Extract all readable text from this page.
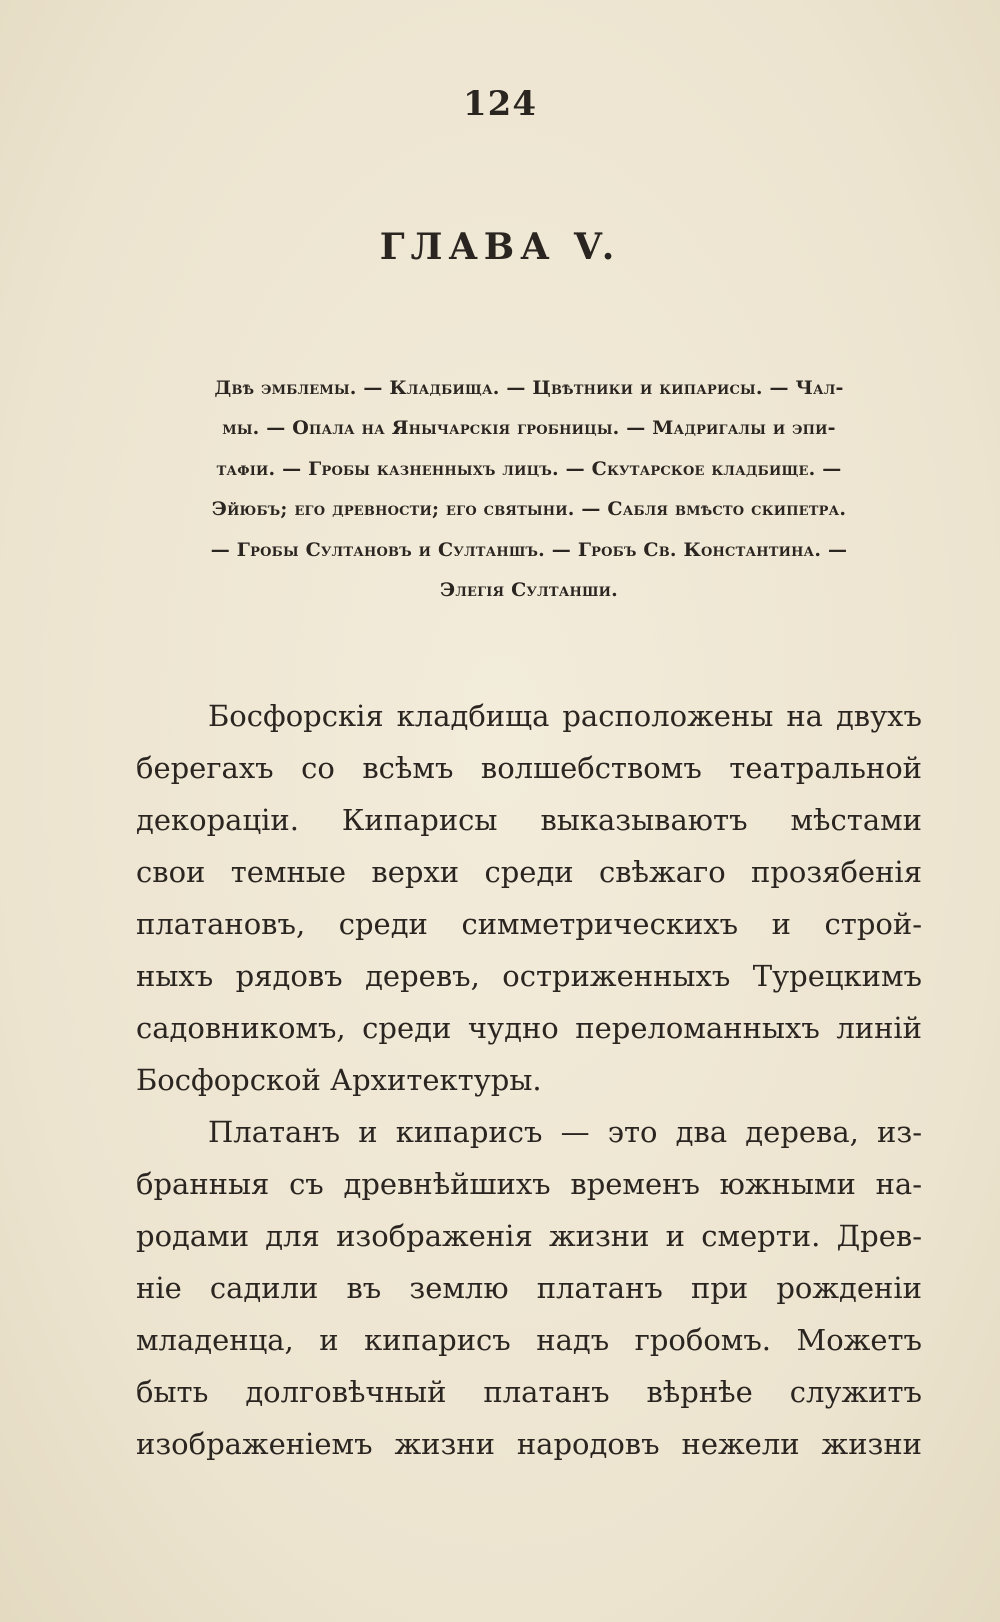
124
ГЛАВА V.
Двѣ эмблемы. — Кладбища. — Цвѣтники и кипарисы. — Чал-
мы. — Опала на Янычарскія гробницы. — Мадригалы и эпи-
тафіи. — Гробы казненныхъ лицъ. — Скутарское кладбище. —
Эйюбъ; его древности; его святыни. — Сабля вмѣсто скипетра.
— Гробы Султановъ и Султаншъ. — Гробъ Св. Константина. —
Элегія Султанши.
Босфорскія кладбища расположены на двухъ
берегахъ со всѣмъ волшебствомъ театральной
декораціи. Кипарисы выказываютъ мѣстами
свои темные верхи среди свѣжаго прозябенія
платановъ, среди симметрическихъ и строй-
ныхъ рядовъ деревъ, остриженныхъ Турецкимъ
садовникомъ, среди чудно переломанныхъ линій
Босфорской Архитектуры.
Платанъ и кипарисъ — это два дерева, из-
бранныя съ древнѣйшихъ временъ южными на-
родами для изображенія жизни и смерти. Древ-
ніе садили въ землю платанъ при рожденіи
младенца, и кипарисъ надъ гробомъ. Можетъ
быть долговѣчный платанъ вѣрнѣе служитъ
изображеніемъ жизни народовъ нежели жизни
